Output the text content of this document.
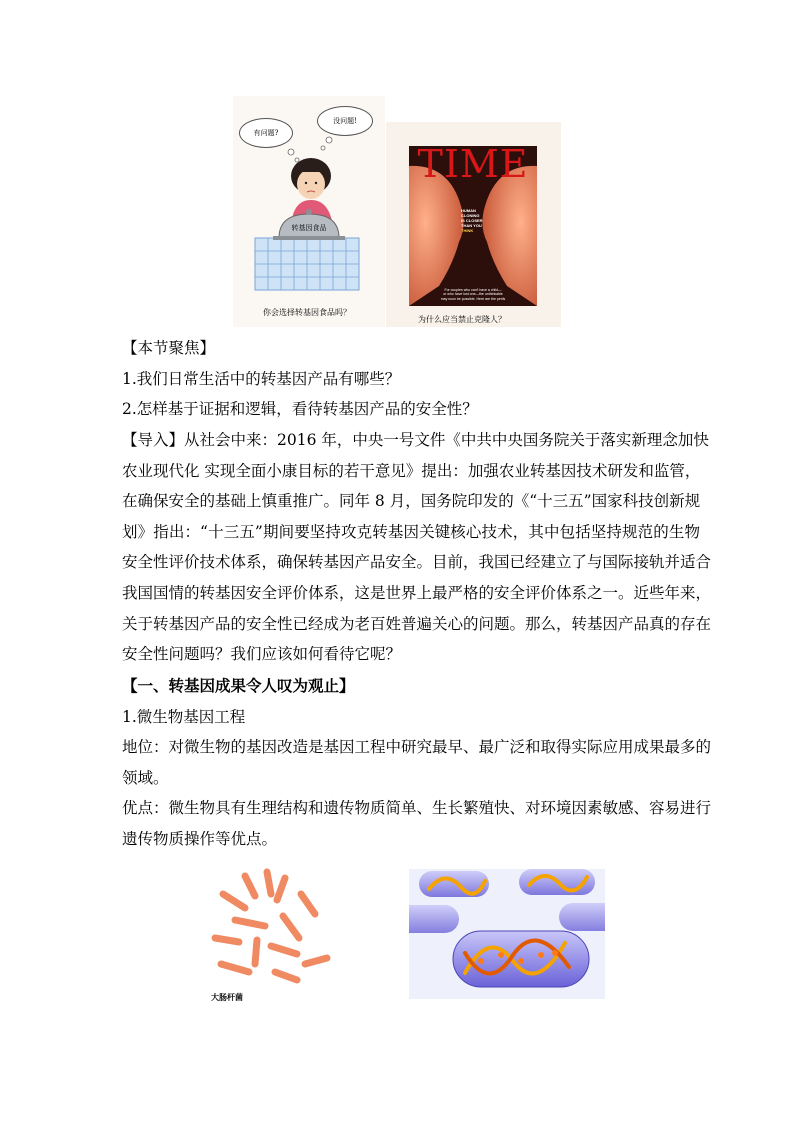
有问题?
没问题!
转基因食品
你会选择转基因食品吗？
TIME
HUMAN
CLONING
IS CLOSER
THAN YOU
THINK
For couples who can't have a child—
or who have lost one—the unthinkable
may soon be possible. Here are the perils
为什么应当禁止克隆人？
【本节聚焦】
1.我们日常生活中的转基因产品有哪些？
2.怎样基于证据和逻辑，看待转基因产品的安全性？
【导入】从社会中来：2016 年，中央一号文件《中共中央国务院关于落实新理念加快
农业现代化 实现全面小康目标的若干意见》提出：加强农业转基因技术研发和监管，
在确保安全的基础上慎重推广。同年 8 月，国务院印发的《“十三五”国家科技创新规
划》指出：“十三五”期间要坚持攻克转基因关键核心技术，其中包括坚持规范的生物
安全性评价技术体系，确保转基因产品安全。目前，我国已经建立了与国际接轨并适合
我国国情的转基因安全评价体系，这是世界上最严格的安全评价体系之一。近些年来，
关于转基因产品的安全性已经成为老百姓普遍关心的问题。那么，转基因产品真的存在
安全性问题吗？我们应该如何看待它呢？
【一、转基因成果令人叹为观止】
1.微生物基因工程
地位：对微生物的基因改造是基因工程中研究最早、最广泛和取得实际应用成果最多的
领域。
优点：微生物具有生理结构和遗传物质简单、生长繁殖快、对环境因素敏感、容易进行
遗传物质操作等优点。
大肠杆菌
